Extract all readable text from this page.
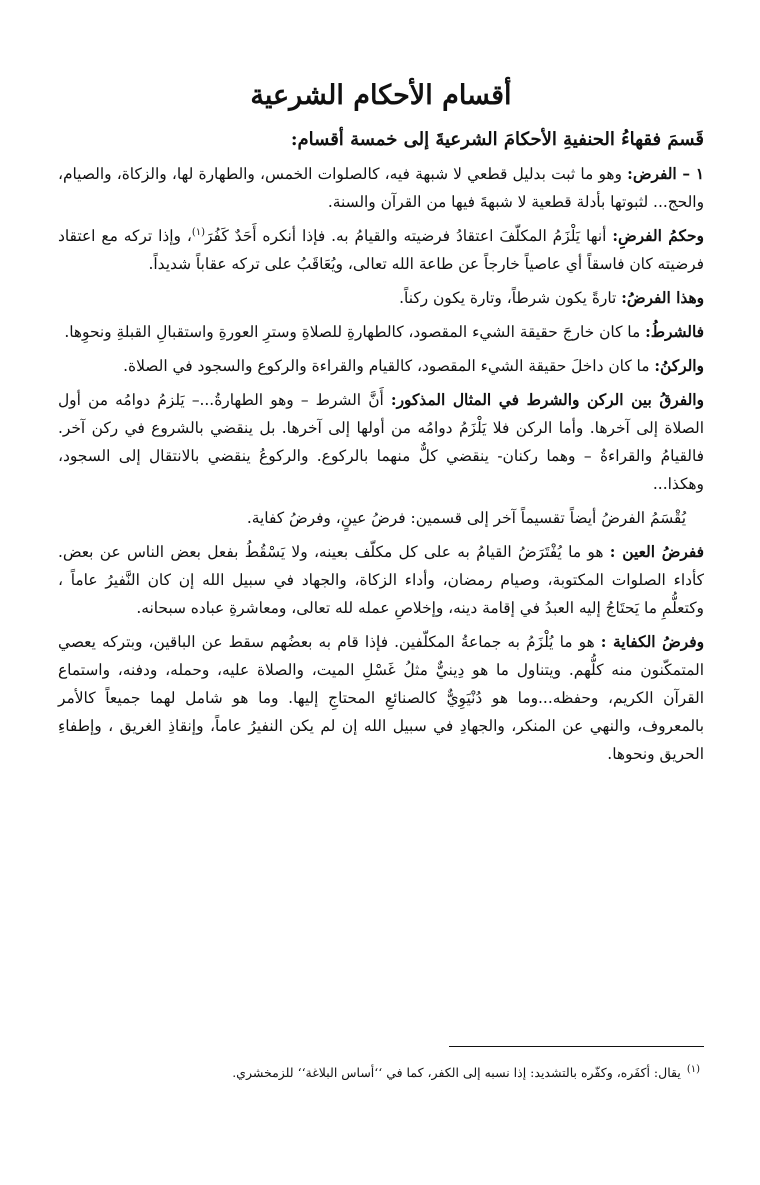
أقسام الأحكام الشرعية
قَسمَ فقهاءُ الحنفيةِ الأحكامَ الشرعيةَ إلى خمسة أقسام:

١ – الفرض: وهو ما ثبت بدليل قطعي لا شبهة فيه، كالصلوات الخمس، والطهارة لها، والزكاة، والصيام، والحج... لثبوتها بأدلة قطعية لا شبهةَ فيها من القرآن والسنة.

وحكمُ الفرضِ: أنها يَلْزَمُ المكلّفَ اعتقادُ فرضيته والقيامُ به. فإذا أنكره أَحَدٌ كَفُرَ$^{(١)}$، وإذا تركه مع اعتقاد فرضيته كان فاسقاً أي عاصياً خارجاً عن طاعة الله تعالى، ويُعَاقَبُ على تركه عقاباً شديداً.

وهذا الفرضُ: تارةً يكون شرطاً، وتارة يكون ركناً.

فالشرطُ: ما كان خارجَ حقيقة الشيء المقصود، كالطهارةِ للصلاةِ وسترِ العورةِ واستقبالِ القبلةِ ونحوِها.

والركنُ: ما كان داخلَ حقيقة الشيء المقصود، كالقيام والقراءة والركوع والسجود في الصلاة.

والفرقُ بين الركن والشرط في المثال المذكور: أَنَّ الشرط – وهو الطهارةُ...– يَلزمُ دوامُه من أول الصلاة إلى آخرها. وأما الركن فلا يَلْزَمُ دوامُه من أولها إلى آخرها. بل ينقضي بالشروع في ركن آخر. فالقيامُ والقراءةُ – وهما ركنان- ينقضي كلٌّ منهما بالركوع. والركوعُ ينقضي بالانتقال إلى السجود، وهكذا...

يُقْسَمُ الفرضُ أيضاً تقسيماً آخر إلى قسمين: فرضُ عينٍ، وفرضُ كفاية.

ففرضُ العين : هو ما يُفْتَرَضُ القيامُ به على كل مكلّف بعينه، ولا يَسْقُطُ بفعل بعض الناس عن بعض. كأداء الصلوات المكتوبة، وصيام رمضان، وأداء الزكاة، والجهاد في سبيل الله إن كان النَّفيرُ عاماً ، وكتعلُّمِ ما يَحتَاجُ إليه العبدُ في إقامة دينه، وإخلاصِ عمله لله تعالى، ومعاشرةِ عباده سبحانه.

وفرضُ الكفاية : هو ما يُلْزَمُ به جماعةُ المكلّفين. فإذا قام به بعضُهم سقط عن الباقين، وبتركه يعصي المتمكّنون منه كلُّهم. ويتناول ما هو دِينيٌّ مثلُ غَسْلِ الميت، والصلاة عليه، وحمله، ودفنه، واستماع القرآن الكريم، وحفظه...وما هو دُنْيَوِيٌّ كالصنائعِ المحتاجِ إليها. وما هو شامل لهما جميعاً كالأمر بالمعروف، والنهي عن المنكر، والجهادِ في سبيل الله إن لم يكن النفيرُ عاماً، وإنقاذِ الغريق ، وإطفاءِ الحريق ونحوها.

$^{(١)}$يقال: أكفَره، وكفّره بالتشديد: إذا نسبه إلى الكفر، كما في ‘‘أساس البلاغة‘‘ للزمخشري.
